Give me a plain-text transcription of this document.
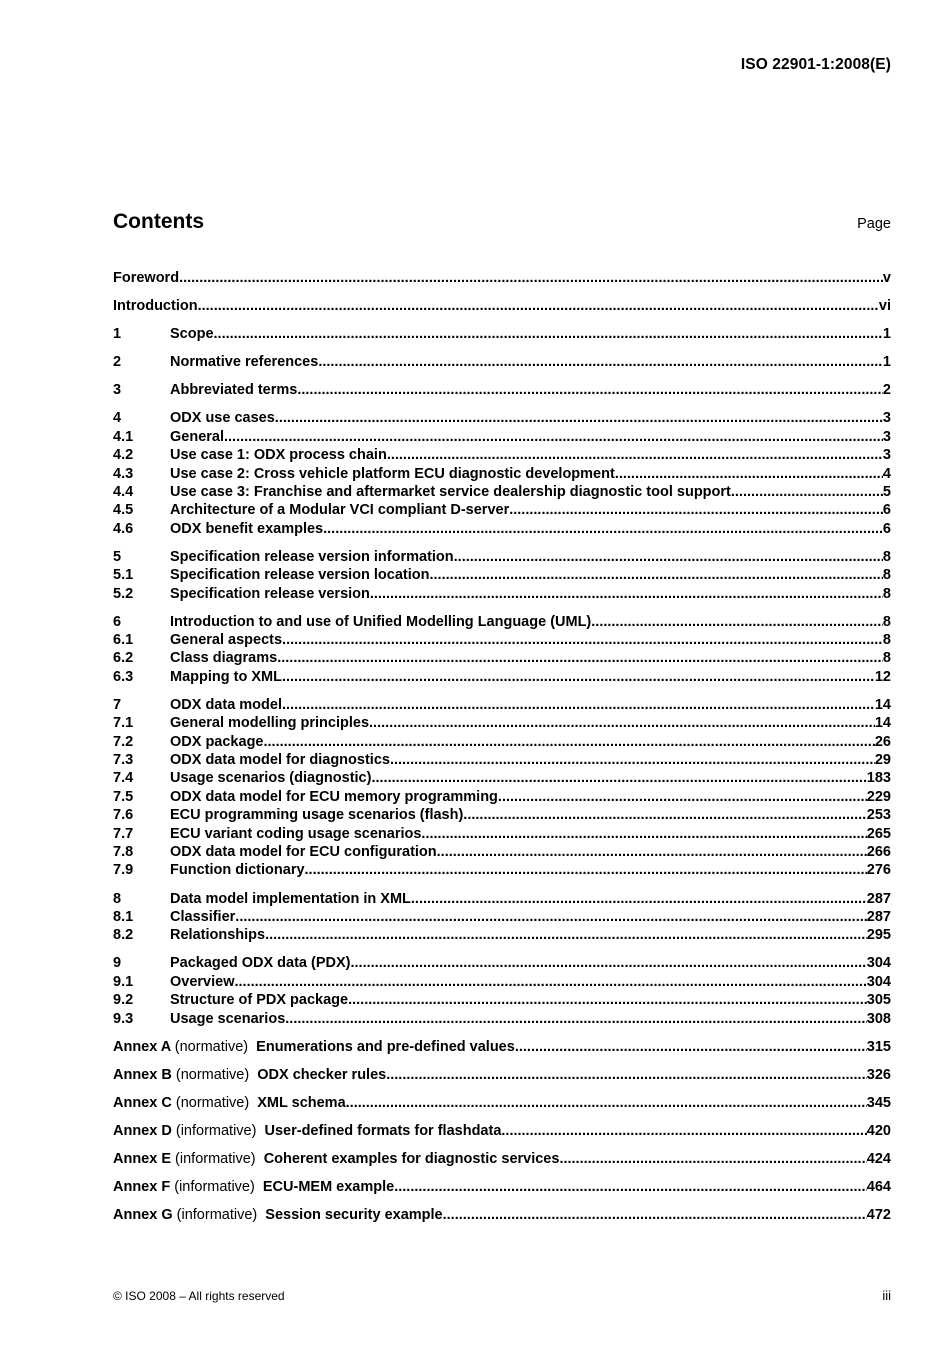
ISO 22901-1:2008(E)
Contents	Page
Foreword .....	v
Introduction .....	vi
1	Scope .....	1
2	Normative references .....	1
3	Abbreviated terms .....	2
4	ODX use cases .....	3
4.1	General .....	3
4.2	Use case 1: ODX process chain .....	3
4.3	Use case 2: Cross vehicle platform ECU diagnostic development .....	4
4.4	Use case 3: Franchise and aftermarket service dealership diagnostic tool support .....	5
4.5	Architecture of a Modular VCI compliant D-server .....	6
4.6	ODX benefit examples .....	6
5	Specification release version information .....	8
5.1	Specification release version location .....	8
5.2	Specification release version .....	8
6	Introduction to and use of Unified Modelling Language (UML) .....	8
6.1	General aspects .....	8
6.2	Class diagrams .....	8
6.3	Mapping to XML .....	12
7	ODX data model .....	14
7.1	General modelling principles .....	14
7.2	ODX package .....	26
7.3	ODX data model for diagnostics .....	29
7.4	Usage scenarios (diagnostic) .....	183
7.5	ODX data model for ECU memory programming .....	229
7.6	ECU programming usage scenarios (flash) .....	253
7.7	ECU variant coding usage scenarios .....	265
7.8	ODX data model for ECU configuration .....	266
7.9	Function dictionary .....	276
8	Data model implementation in XML .....	287
8.1	Classifier .....	287
8.2	Relationships .....	295
9	Packaged ODX data (PDX) .....	304
9.1	Overview .....	304
9.2	Structure of PDX package .....	305
9.3	Usage scenarios .....	308
Annex A (normative) Enumerations and pre-defined values .....	315
Annex B (normative) ODX checker rules .....	326
Annex C (normative) XML schema .....	345
Annex D (informative) User-defined formats for flashdata .....	420
Annex E (informative) Coherent examples for diagnostic services .....	424
Annex F (informative) ECU-MEM example .....	464
Annex G (informative) Session security example .....	472
© ISO 2008 – All rights reserved	iii
